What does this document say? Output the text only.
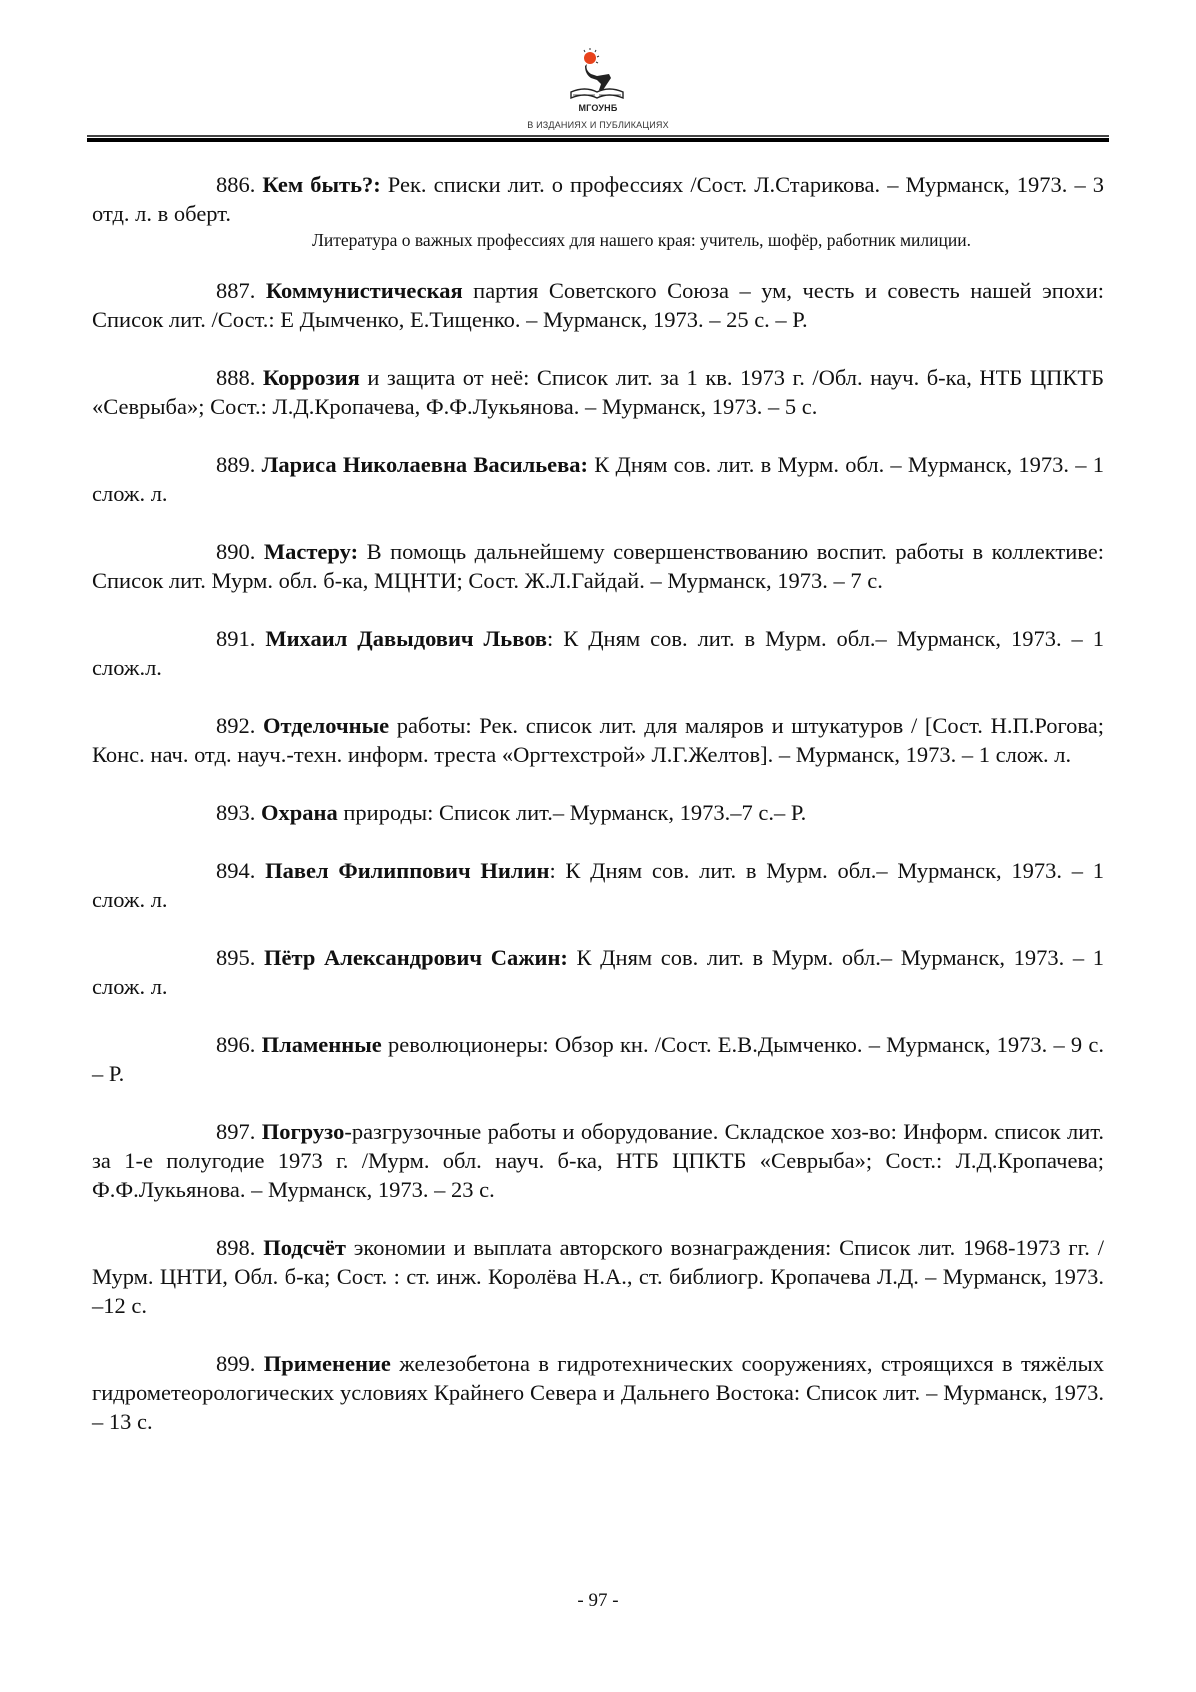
МГОУНБ
В ИЗДАНИЯХ И ПУБЛИКАЦИЯХ
886. Кем быть?: Рек. списки лит. о профессиях /Сост. Л.Старикова. – Мурманск, 1973. – 3 отд. л. в оберт.
Литература о важных профессиях для нашего края: учитель, шофёр, работник милиции.
887. Коммунистическая партия Советского Союза – ум, честь и совесть нашей эпохи: Список лит. /Сост.: Е Дымченко, Е.Тищенко. – Мурманск, 1973. – 25 с. – Р.
888. Коррозия и защита от неё: Список лит. за 1 кв. 1973 г. /Обл. науч. б-ка, НТБ ЦПКТБ «Севрыба»; Сост.: Л.Д.Кропачева, Ф.Ф.Лукьянова. – Мурманск, 1973. – 5 с.
889. Лариса Николаевна Васильева: К Дням сов. лит. в Мурм. обл. – Мурманск, 1973. – 1 слож. л.
890. Мастеру: В помощь дальнейшему совершенствованию воспит. работы в коллективе: Список лит. Мурм. обл. б-ка, МЦНТИ; Сост. Ж.Л.Гайдай. – Мурманск, 1973. – 7 с.
891. Михаил Давыдович Львов: К Дням сов. лит. в Мурм. обл.– Мурманск, 1973. – 1 слож.л.
892. Отделочные работы: Рек. список лит. для маляров и штукатуров / [Сост. Н.П.Рогова; Конс. нач. отд. науч.-техн. информ. треста «Оргтехстрой» Л.Г.Желтов]. – Мурманск, 1973. – 1 слож. л.
893. Охрана природы: Список лит.– Мурманск, 1973.–7 с.– Р.
894. Павел Филиппович Нилин: К Дням сов. лит. в Мурм. обл.– Мурманск, 1973. – 1 слож. л.
895. Пётр Александрович Сажин: К Дням сов. лит. в Мурм. обл.– Мурманск, 1973. – 1 слож. л.
896. Пламенные революционеры: Обзор кн. /Сост. Е.В.Дымченко. – Мурманск, 1973. – 9 с. – Р.
897. Погрузо-разгрузочные работы и оборудование. Складское хоз-во: Информ. список лит. за 1-е полугодие 1973 г. /Мурм. обл. науч. б-ка, НТБ ЦПКТБ «Севрыба»; Сост.: Л.Д.Кропачева; Ф.Ф.Лукьянова. – Мурманск, 1973. – 23 с.
898. Подсчёт экономии и выплата авторского вознаграждения: Список лит. 1968-1973 гг. /Мурм. ЦНТИ, Обл. б-ка; Сост. : ст. инж. Королёва Н.А., ст. библиогр. Кропачева Л.Д. – Мурманск, 1973. –12 с.
899. Применение железобетона в гидротехнических сооружениях, строящихся в тяжёлых гидрометеорологических условиях Крайнего Севера и Дальнего Востока: Список лит. – Мурманск, 1973. – 13 с.
- 97 -
